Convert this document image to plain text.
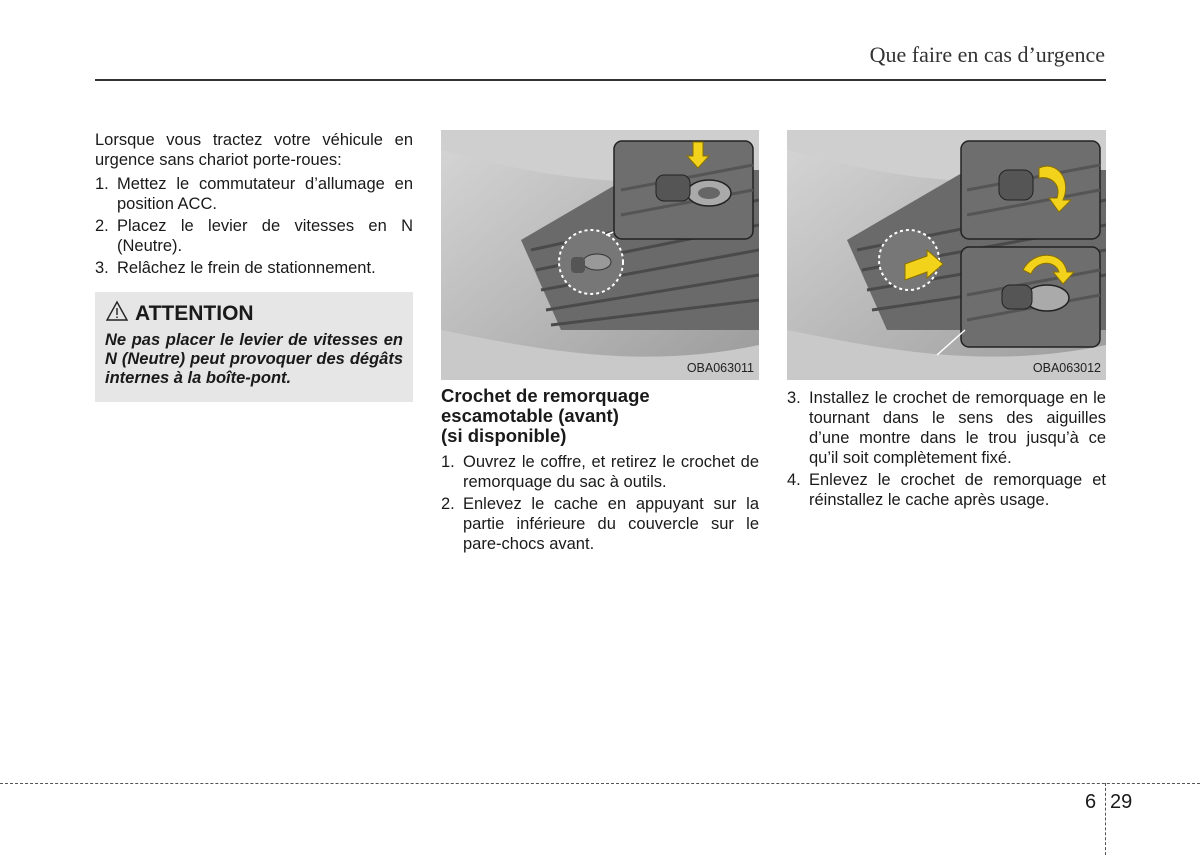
Que faire en cas d’urgence

Lorsque vous tractez votre véhicule en urgence sans chariot porte-roues:

1. Mettez le commutateur d’allumage en position ACC.
2. Placez le levier de vitesses en N (Neutre).
3. Relâchez le frein de stationnement.
ATTENTION
Ne pas placer le levier de vitesses en N (Neutre) peut provoquer des dégâts internes à la boîte-pont.
OBA063011
Crochet de remorquage
escamotable (avant)
(si disponible)
1. Ouvrez le coffre, et retirez le crochet de remorquage du sac à outils.
2. Enlevez le cache en appuyant sur la partie inférieure du couvercle sur le pare-chocs avant.
OBA063012
3. Installez le crochet de remorquage en le tournant dans le sens des aiguilles d’une montre dans le trou jusqu’à ce qu’il soit complètement fixé.
4. Enlevez le crochet de remorquage et réinstallez le cache après usage.
6 29
